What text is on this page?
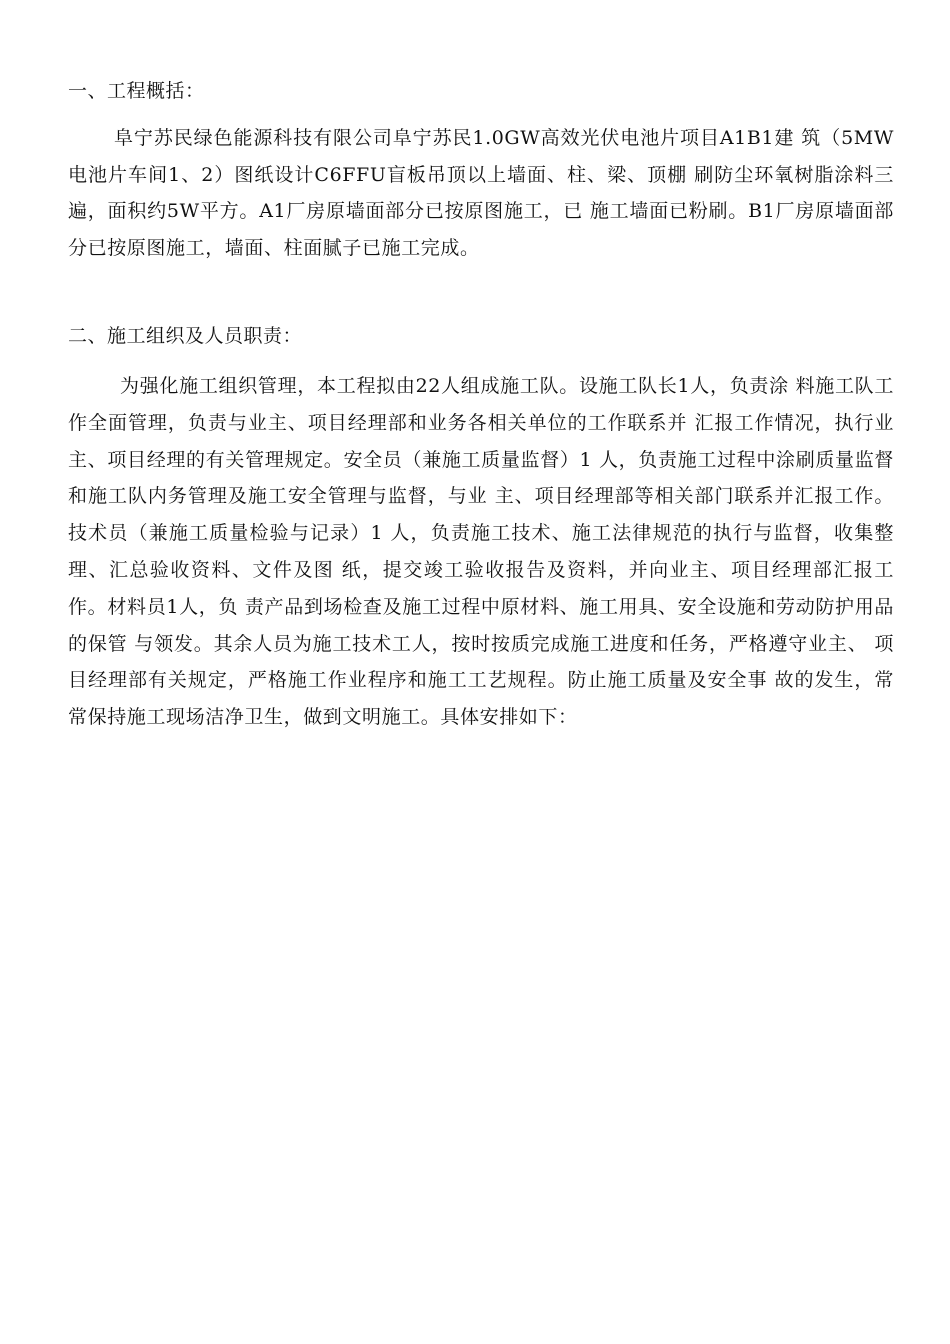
一、工程概括：
阜宁苏民绿色能源科技有限公司阜宁苏民1.0GW高效光伏电池片项目A1B1建 筑（5MW电池片车间1、2）图纸设计C6FFU盲板吊顶以上墙面、柱、梁、顶棚 刷防尘环氧树脂涂料三遍，面积约5W平方。A1厂房原墙面部分已按原图施工，已 施工墙面已粉刷。B1厂房原墙面部分已按原图施工，墙面、柱面腻子已施工完成。
二、施工组织及人员职责：
为强化施工组织管理，本工程拟由22人组成施工队。设施工队长1人，负责涂 料施工队工作全面管理，负责与业主、项目经理部和业务各相关单位的工作联系并 汇报工作情况，执行业主、项目经理的有关管理规定。安全员（兼施工质量监督）1 人，负责施工过程中涂刷质量监督和施工队内务管理及施工安全管理与监督，与业 主、项目经理部等相关部门联系并汇报工作。技术员（兼施工质量检验与记录）1 人，负责施工技术、施工法律规范的执行与监督，收集整理、汇总验收资料、文件及图 纸，提交竣工验收报告及资料，并向业主、项目经理部汇报工作。材料员1人，负 责产品到场检查及施工过程中原材料、施工用具、安全设施和劳动防护用品的保管 与领发。其余人员为施工技术工人，按时按质完成施工进度和任务，严格遵守业主、 项目经理部有关规定，严格施工作业程序和施工工艺规程。防止施工质量及安全事 故的发生，常常保持施工现场洁净卫生，做到文明施工。具体安排如下：
